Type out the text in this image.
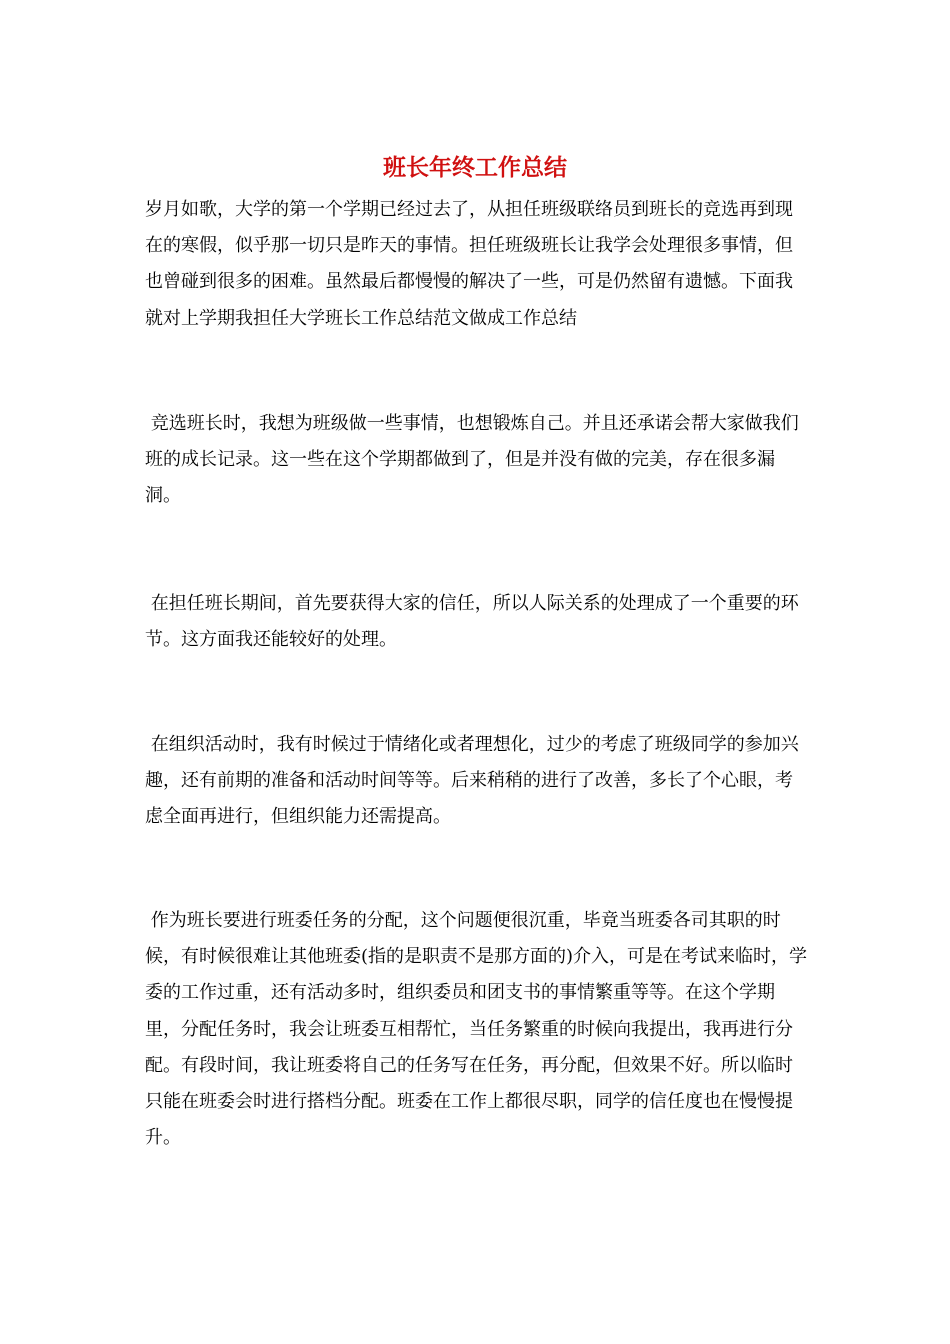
班长年终工作总结

岁月如歌，大学的第一个学期已经过去了，从担任班级联络员到班长的竞选再到现在的寒假，似乎那一切只是昨天的事情。担任班级班长让我学会处理很多事情，但也曾碰到很多的困难。虽然最后都慢慢的解决了一些，可是仍然留有遗憾。下面我就对上学期我担任大学班长工作总结范文做成工作总结

竞选班长时，我想为班级做一些事情，也想锻炼自己。并且还承诺会帮大家做我们班的成长记录。这一些在这个学期都做到了，但是并没有做的完美，存在很多漏洞。

在担任班长期间，首先要获得大家的信任，所以人际关系的处理成了一个重要的环节。这方面我还能较好的处理。

在组织活动时，我有时候过于情绪化或者理想化，过少的考虑了班级同学的参加兴趣，还有前期的准备和活动时间等等。后来稍稍的进行了改善，多长了个心眼，考虑全面再进行，但组织能力还需提高。

作为班长要进行班委任务的分配，这个问题便很沉重，毕竟当班委各司其职的时候，有时候很难让其他班委(指的是职责不是那方面的)介入，可是在考试来临时，学委的工作过重，还有活动多时，组织委员和团支书的事情繁重等等。在这个学期里，分配任务时，我会让班委互相帮忙，当任务繁重的时候向我提出，我再进行分配。有段时间，我让班委将自己的任务写在任务，再分配，但效果不好。所以临时只能在班委会时进行搭档分配。班委在工作上都很尽职，同学的信任度也在慢慢提升。
